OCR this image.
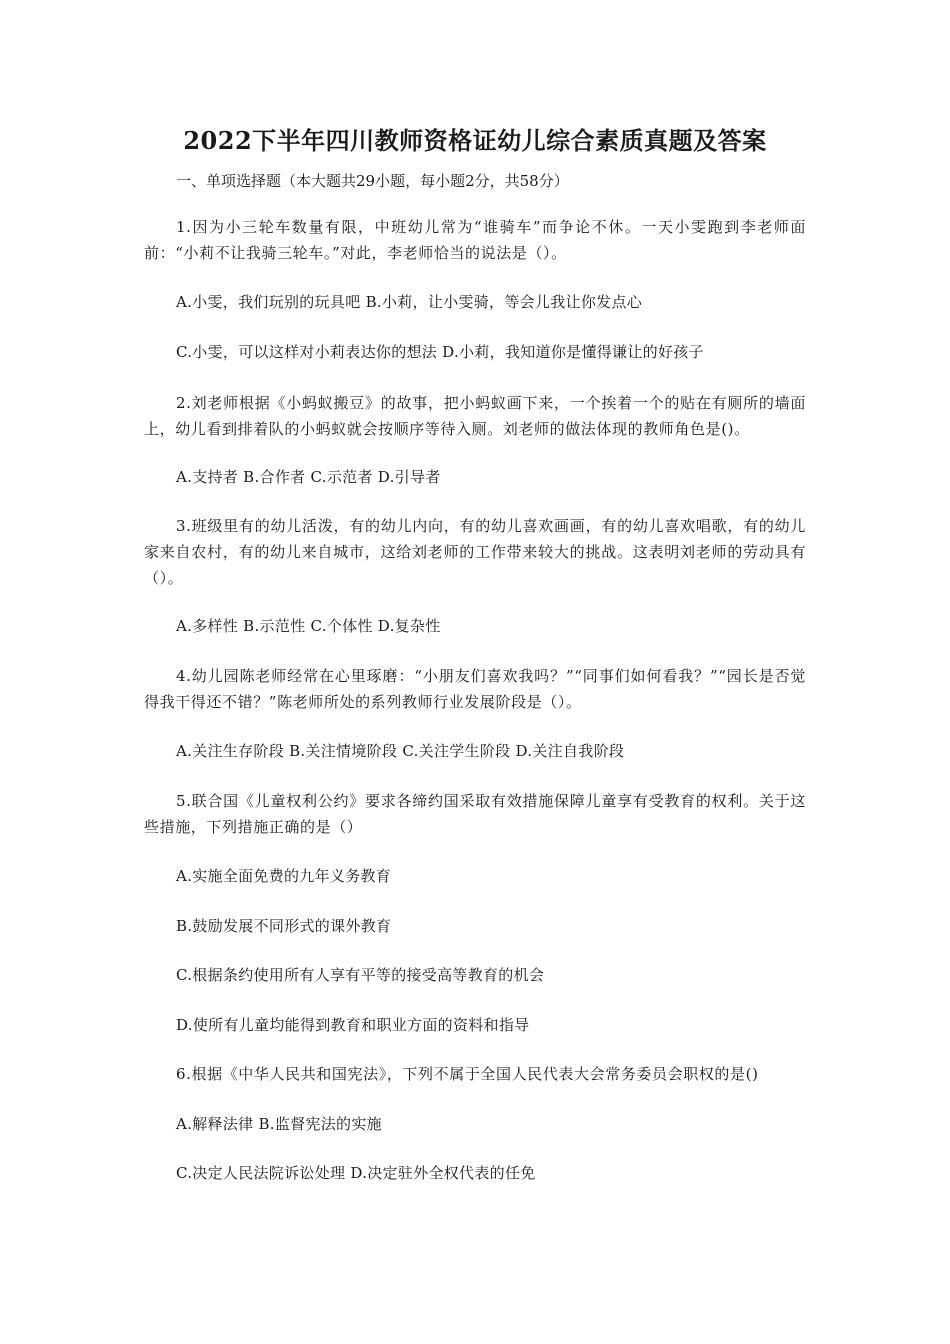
2022下半年四川教师资格证幼儿综合素质真题及答案
一、单项选择题（本大题共29小题，每小题2分，共58分）
1.因为小三轮车数量有限，中班幼儿常为“谁骑车”而争论不休。一天小雯跑到李老师面前：“小莉不让我骑三轮车。”对此，李老师恰当的说法是（）。
A.小雯，我们玩别的玩具吧 B.小莉，让小雯骑，等会儿我让你发点心
C.小雯，可以这样对小莉表达你的想法 D.小莉，我知道你是懂得谦让的好孩子
2.刘老师根据《小蚂蚁搬豆》的故事，把小蚂蚁画下来，一个挨着一个的贴在有厕所的墙面上，幼儿看到排着队的小蚂蚁就会按顺序等待入厕。刘老师的做法体现的教师角色是()。
A.支持者 B.合作者 C.示范者 D.引导者
3.班级里有的幼儿活泼，有的幼儿内向，有的幼儿喜欢画画，有的幼儿喜欢唱歌，有的幼儿家来自农村，有的幼儿来自城市，这给刘老师的工作带来较大的挑战。这表明刘老师的劳动具有（）。
A.多样性 B.示范性 C.个体性 D.复杂性
4.幼儿园陈老师经常在心里琢磨：“小朋友们喜欢我吗？”“同事们如何看我？”“园长是否觉得我干得还不错？”陈老师所处的系列教师行业发展阶段是（）。
A.关注生存阶段 B.关注情境阶段 C.关注学生阶段 D.关注自我阶段
5.联合国《儿童权利公约》要求各缔约国采取有效措施保障儿童享有受教育的权利。关于这些措施，下列措施正确的是（）
A.实施全面免费的九年义务教育
B.鼓励发展不同形式的课外教育
C.根据条约使用所有人享有平等的接受高等教育的机会
D.使所有儿童均能得到教育和职业方面的资料和指导
6.根据《中华人民共和国宪法》，下列不属于全国人民代表大会常务委员会职权的是()
A.解释法律 B.监督宪法的实施
C.决定人民法院诉讼处理 D.决定驻外全权代表的任免
